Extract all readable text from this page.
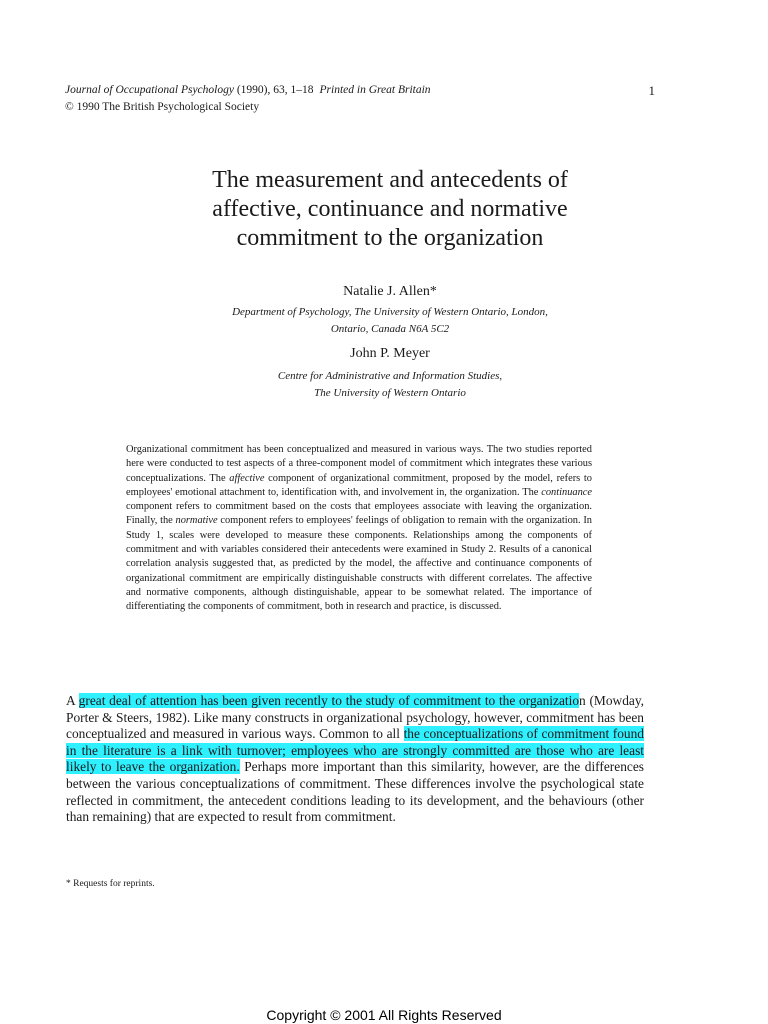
Journal of Occupational Psychology (1990), 63, 1–18 Printed in Great Britain	1
© 1990 The British Psychological Society
The measurement and antecedents of
affective, continuance and normative
commitment to the organization
Natalie J. Allen*
Department of Psychology, The University of Western Ontario, London,
Ontario, Canada N6A 5C2
John P. Meyer
Centre for Administrative and Information Studies,
The University of Western Ontario

Organizational commitment has been conceptualized and measured in various ways. The two studies reported here were conducted to test aspects of a three-component model of commitment which integrates these various conceptualizations. The affective component of organizational commitment, proposed by the model, refers to employees' emotional attachment to, identification with, and involvement in, the organization. The continuance component refers to commitment based on the costs that employees associate with leaving the organization. Finally, the normative component refers to employees' feelings of obligation to remain with the organization. In Study 1, scales were developed to measure these components. Relationships among the components of commitment and with variables considered their antecedents were examined in Study 2. Results of a canonical correlation analysis suggested that, as predicted by the model, the affective and continuance components of organizational commitment are empirically distinguishable constructs with different correlates. The affective and normative components, although distinguishable, appear to be somewhat related. The importance of differentiating the components of commitment, both in research and practice, is discussed.

A great deal of attention has been given recently to the study of commitment to the organization (Mowday, Porter & Steers, 1982). Like many constructs in organizational psychology, however, commitment has been conceptualized and measured in various ways. Common to all the conceptualizations of commitment found in the literature is a link with turnover; employees who are strongly committed are those who are least likely to leave the organization. Perhaps more important than this similarity, however, are the differences between the various conceptualizations of commitment. These differences involve the psychological state reflected in commitment, the antecedent conditions leading to its development, and the behaviours (other than remaining) that are expected to result from commitment.

* Requests for reprints.
Copyright © 2001 All Rights Reserved
